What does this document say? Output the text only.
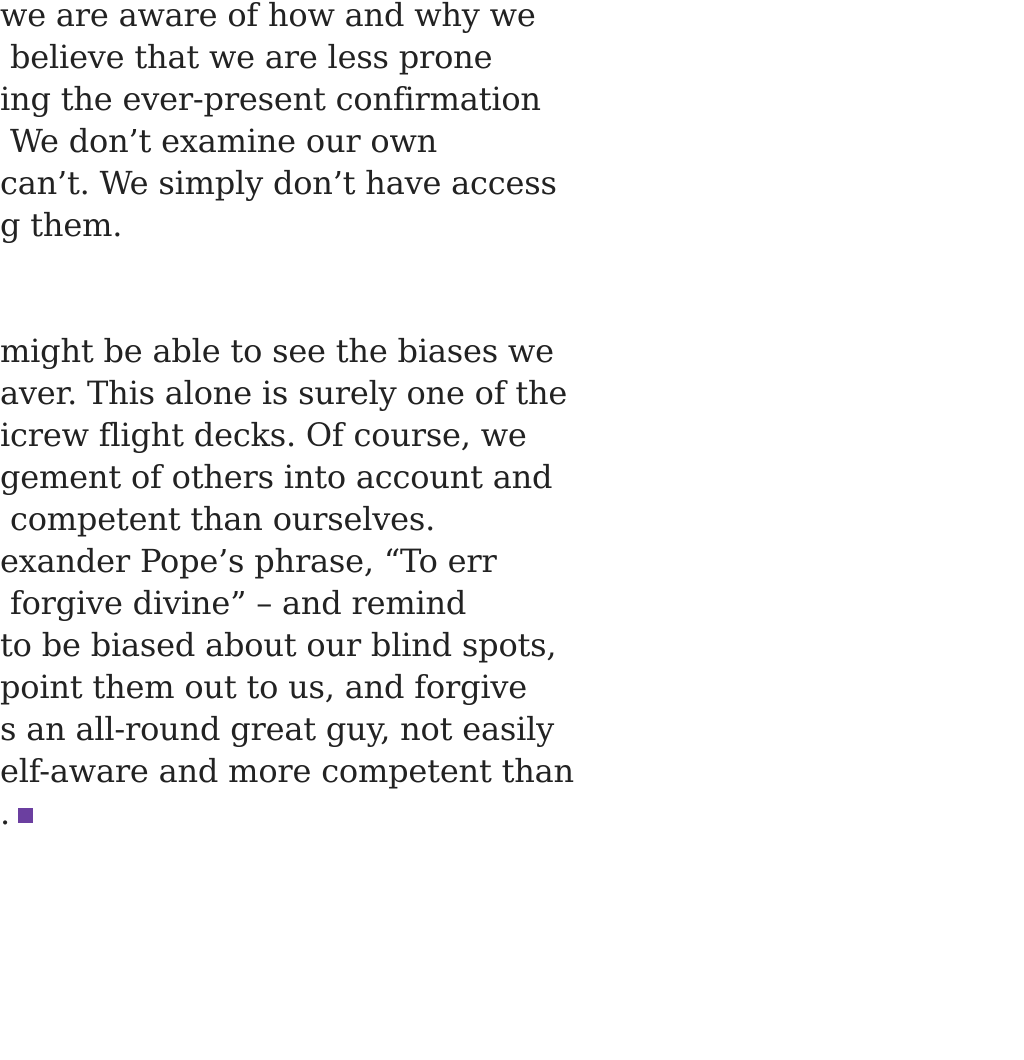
we are aware of how and why we
believe that we are less prone
ing the ever-present confirmation
We don’t examine our own
can’t. We simply don’t have access
g them.
might be able to see the biases we
aver. This alone is surely one of the
icrew flight decks. Of course, we
gement of others into account and
competent than ourselves.
exander Pope’s phrase, “To err
forgive divine” – and remind
to be biased about our blind spots,
point them out to us, and forgive
s an all-round great guy, not easily
elf-aware and more competent than
.
